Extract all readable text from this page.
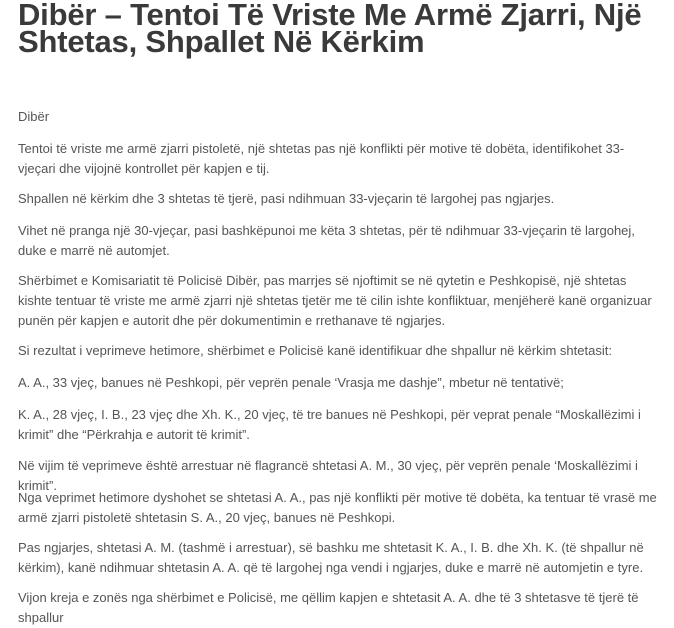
Dibër – Tentoi Të Vriste Me Armë Zjarri, Një Shtetas, Shpallet Në Kërkim

Dibër

Tentoi të vriste me armë zjarri pistoletë, një shtetas pas një konflikti për motive të dobëta, identifikohet 33-vjeçari dhe vijojnë kontrollet për kapjen e tij.

Shpallen në kërkim dhe 3 shtetas të tjerë, pasi ndihmuan 33-vjeçarin të largohej pas ngjarjes.

Vihet në pranga një 30-vjeçar, pasi bashkëpunoi me këta 3 shtetas, për të ndihmuar 33-vjeçarin të largohej, duke e marrë në automjet.

Shërbimet e Komisariatit të Policisë Dibër, pas marrjes së njoftimit se në qytetin e Peshkopisë, një shtetas kishte tentuar të vriste me armë zjarri një shtetas tjetër me të cilin ishte konfliktuar, menjëherë kanë organizuar punën për kapjen e autorit dhe për dokumentimin e rrethanave të ngjarjes.

Si rezultat i veprimeve hetimore, shërbimet e Policisë kanë identifikuar dhe shpallur në kërkim shtetasit:

A. A., 33 vjeç, banues në Peshkopi, për veprën penale ‘Vrasja me dashje”, mbetur në tentativë;

K. A., 28 vjeç, I. B., 23 vjeç dhe Xh. K., 20 vjeç, të tre banues në Peshkopi, për veprat penale “Moskallëzimi i krimit” dhe “Përkrahja e autorit të krimit”.

Në vijim të veprimeve është arrestuar në flagrancë shtetasi A. M., 30 vjeç, për veprën penale ‘Moskallëzimi i krimit”.

Nga veprimet hetimore dyshohet se shtetasi A. A., pas një konflikti për motive të dobëta, ka tentuar të vrasë me armë zjarri pistoletë shtetasin S. A., 20 vjeç, banues në Peshkopi.

Pas ngjarjes, shtetasi A. M. (tashmë i arrestuar), së bashku me shtetasit K. A., I. B. dhe Xh. K. (të shpallur në kërkim), kanë ndihmuar shtetasin A. A. që të largohej nga vendi i ngjarjes, duke e marrë në automjetin e tyre.

Vijon kreja e zonës nga shërbimet e Policisë, me qëllim kapjen e shtetasit A. A. dhe të 3 shtetasve të tjerë të shpallur
